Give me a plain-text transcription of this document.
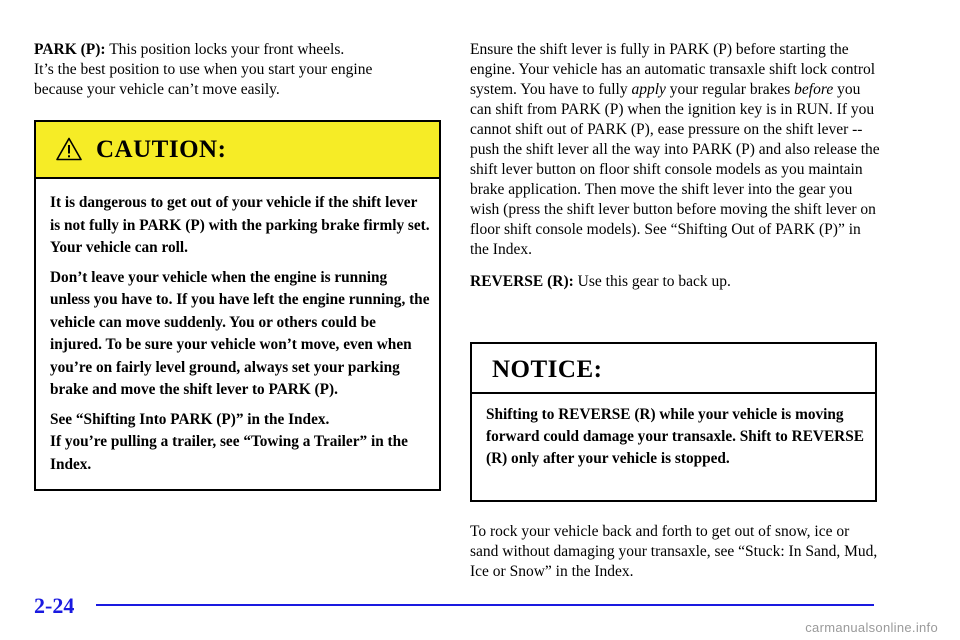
PARK (P): This position locks your front wheels.
It’s the best position to use when you start your engine
because your vehicle can’t move easily.

CAUTION:

It is dangerous to get out of your vehicle if the shift lever is not fully in PARK (P) with the parking brake firmly set. Your vehicle can roll.

Don’t leave your vehicle when the engine is running unless you have to. If you have left the engine running, the vehicle can move suddenly. You or others could be injured. To be sure your vehicle won’t move, even when you’re on fairly level ground, always set your parking brake and move the shift lever to PARK (P).

See “Shifting Into PARK (P)” in the Index.

If you’re pulling a trailer, see “Towing a Trailer” in the Index.

Ensure the shift lever is fully in PARK (P) before starting the engine. Your vehicle has an automatic transaxle shift lock control system. You have to fully apply your regular brakes before you can shift from PARK (P) when the ignition key is in RUN. If you cannot shift out of PARK (P), ease pressure on the shift lever -- push the shift lever all the way into PARK (P) and also release the shift lever button on floor shift console models as you maintain brake application. Then move the shift lever into the gear you wish (press the shift lever button before moving the shift lever on floor shift console models). See “Shifting Out of PARK (P)” in the Index.

REVERSE (R): Use this gear to back up.

NOTICE:

Shifting to REVERSE (R) while your vehicle is moving forward could damage your transaxle. Shift to REVERSE (R) only after your vehicle is stopped.

To rock your vehicle back and forth to get out of snow, ice or sand without damaging your transaxle, see “Stuck: In Sand, Mud, Ice or Snow” in the Index.

2-24
carmanualsonline.info
